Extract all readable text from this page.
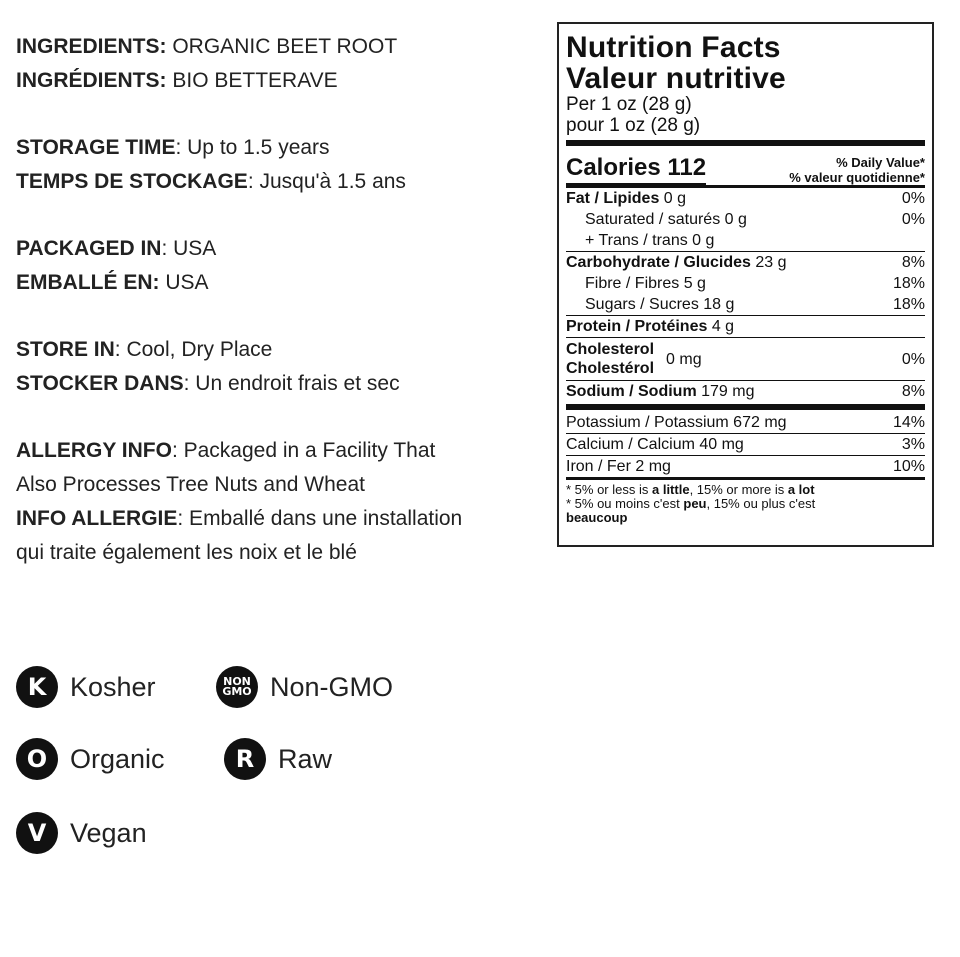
INGREDIENTS: ORGANIC BEET ROOT
INGRÉDIENTS: BIO BETTERAVE
STORAGE TIME: Up to 1.5 years
TEMPS DE STOCKAGE: Jusqu'à 1.5 ans
PACKAGED IN: USA
EMBALLÉ EN: USA
STORE IN: Cool, Dry Place
STOCKER DANS: Un endroit frais et sec
ALLERGY INFO: Packaged in a Facility That
Also Processes Tree Nuts and Wheat
INFO ALLERGIE: Emballé dans une installation
qui traite également les noix et le blé
Nutrition Facts
Valeur nutritive
Per 1 oz (28 g)
pour 1 oz (28 g)
Calories 112	% Daily Value*
% valeur quotidienne*
Fat / Lipides 0 g	0%
Saturated / saturés 0 g	0%
+ Trans / trans 0 g
Carbohydrate / Glucides 23 g	8%
Fibre / Fibres 5 g	18%
Sugars / Sucres 18 g	18%
Protein / Protéines 4 g
Cholesterol
Cholestérol
0 mg	0%
Sodium / Sodium 179 mg	8%
Potassium / Potassium 672 mg	14%
Calcium / Calcium 40 mg	3%
Iron / Fer 2 mg	10%
* 5% or less is a little, 15% or more is a lot
* 5% ou moins c'est peu, 15% ou plus c'est
beaucoup
K Kosher	NON
GMO Non-GMO
O Organic	R Raw
V Vegan
